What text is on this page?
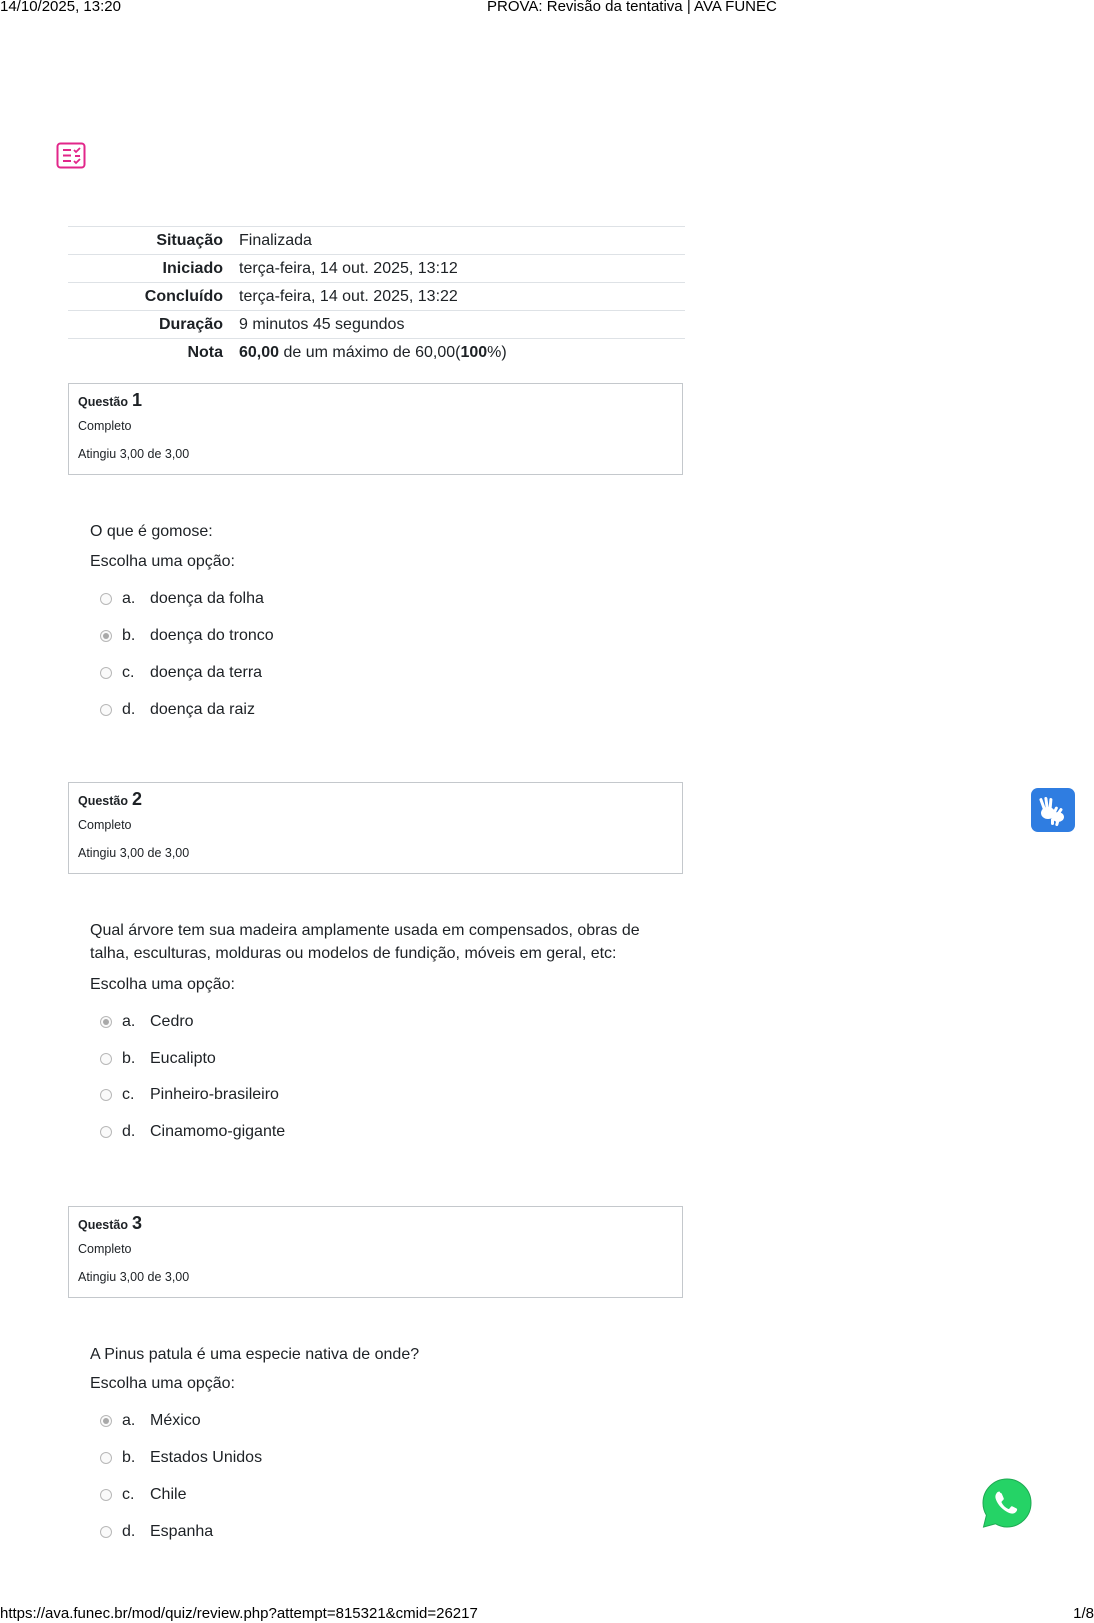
14/10/2025, 13:20	PROVA: Revisão da tentativa | AVA FUNEC
Situação	Finalizada
Iniciado	terça-feira, 14 out. 2025, 13:12
Concluído	terça-feira, 14 out. 2025, 13:22
Duração	9 minutos 45 segundos
Nota	60,00 de um máximo de 60,00(100%)
Questão 1
Completo
Atingiu 3,00 de 3,00
O que é gomose:
Escolha uma opção:
a. doença da folha
b. doença do tronco
c. doença da terra
d. doença da raiz
Questão 2
Completo
Atingiu 3,00 de 3,00
Qual árvore tem sua madeira amplamente usada em compensados, obras de talha, esculturas, molduras ou modelos de fundição, móveis em geral, etc:
Escolha uma opção:
a. Cedro
b. Eucalipto
c. Pinheiro-brasileiro
d. Cinamomo-gigante
Questão 3
Completo
Atingiu 3,00 de 3,00
A Pinus patula é uma especie nativa de onde?
Escolha uma opção:
a. México
b. Estados Unidos
c. Chile
d. Espanha
https://ava.funec.br/mod/quiz/review.php?attempt=815321&cmid=26217	1/8
